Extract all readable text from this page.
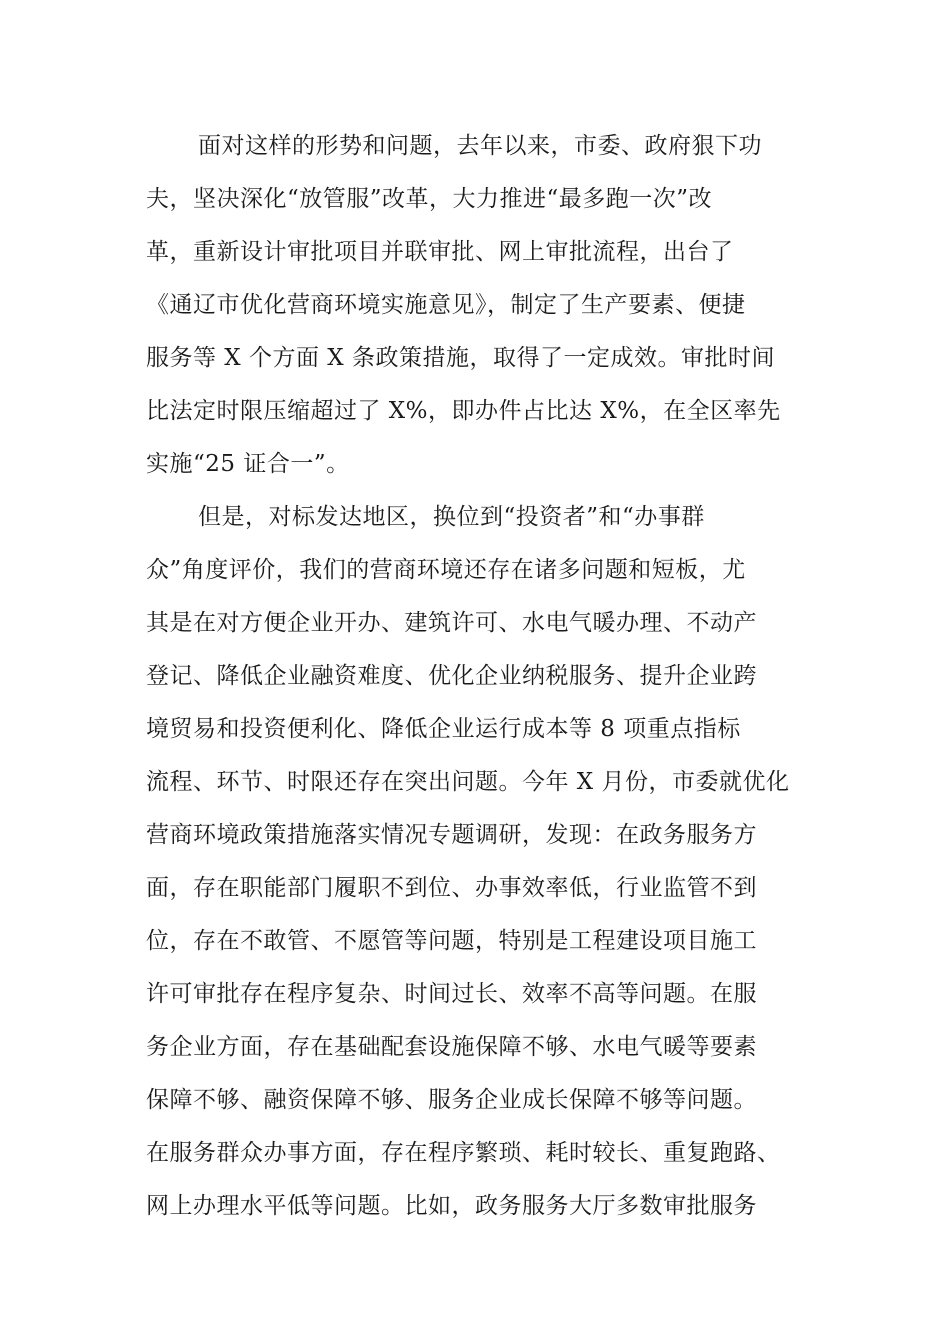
面对这样的形势和问题，去年以来，市委、政府狠下功
夫，坚决深化“放管服”改革，大力推进“最多跑一次”改
革，重新设计审批项目并联审批、网上审批流程，出台了
《通辽市优化营商环境实施意见》，制定了生产要素、便捷
服务等 X 个方面 X 条政策措施，取得了一定成效。审批时间
比法定时限压缩超过了 X%，即办件占比达 X%，在全区率先
实施“25 证合一”。
但是，对标发达地区，换位到“投资者”和“办事群
众”角度评价，我们的营商环境还存在诸多问题和短板，尤
其是在对方便企业开办、建筑许可、水电气暖办理、不动产
登记、降低企业融资难度、优化企业纳税服务、提升企业跨
境贸易和投资便利化、降低企业运行成本等 8 项重点指标
流程、环节、时限还存在突出问题。今年 X 月份，市委就优化
营商环境政策措施落实情况专题调研，发现：在政务服务方
面，存在职能部门履职不到位、办事效率低，行业监管不到
位，存在不敢管、不愿管等问题，特别是工程建设项目施工
许可审批存在程序复杂、时间过长、效率不高等问题。在服
务企业方面，存在基础配套设施保障不够、水电气暖等要素
保障不够、融资保障不够、服务企业成长保障不够等问题。
在服务群众办事方面，存在程序繁琐、耗时较长、重复跑路、
网上办理水平低等问题。比如，政务服务大厅多数审批服务
